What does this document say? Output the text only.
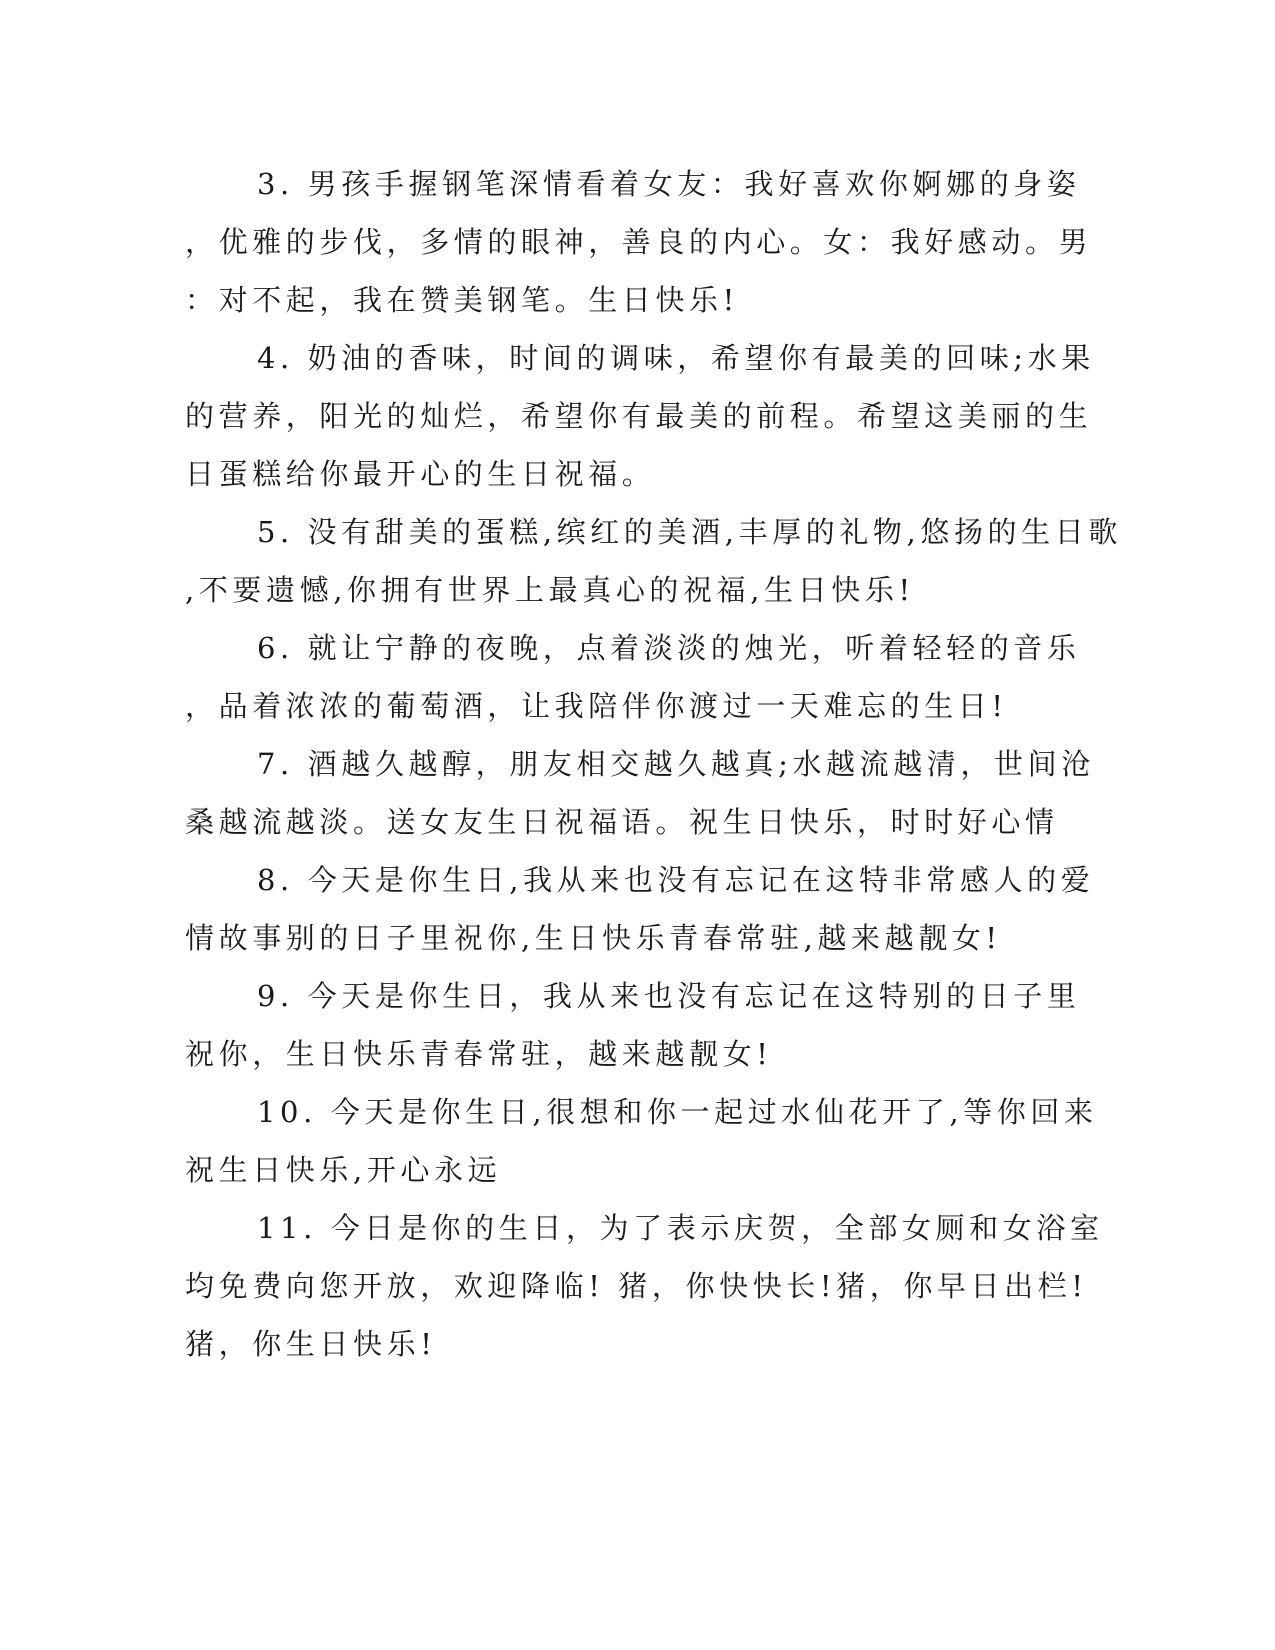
3. 男孩手握钢笔深情看着女友：我好喜欢你婀娜的身姿
，优雅的步伐，多情的眼神，善良的内心。女：我好感动。男
：对不起，我在赞美钢笔。生日快乐!
4. 奶油的香味，时间的调味，希望你有最美的回味;水果
的营养，阳光的灿烂，希望你有最美的前程。希望这美丽的生
日蛋糕给你最开心的生日祝福。
5. 没有甜美的蛋糕,缤红的美酒,丰厚的礼物,悠扬的生日歌
,不要遗憾,你拥有世界上最真心的祝福,生日快乐!
6. 就让宁静的夜晚，点着淡淡的烛光，听着轻轻的音乐
，品着浓浓的葡萄酒，让我陪伴你渡过一天难忘的生日!
7. 酒越久越醇，朋友相交越久越真;水越流越清，世间沧
桑越流越淡。送女友生日祝福语。祝生日快乐，时时好心情
8. 今天是你生日,我从来也没有忘记在这特非常感人的爱
情故事别的日子里祝你,生日快乐青春常驻,越来越靓女!
9. 今天是你生日，我从来也没有忘记在这特别的日子里
祝你，生日快乐青春常驻，越来越靓女!
10. 今天是你生日,很想和你一起过水仙花开了,等你回来
祝生日快乐,开心永远
11. 今日是你的生日，为了表示庆贺，全部女厕和女浴室
均免费向您开放，欢迎降临! 猪，你快快长!猪，你早日出栏!
猪，你生日快乐!
